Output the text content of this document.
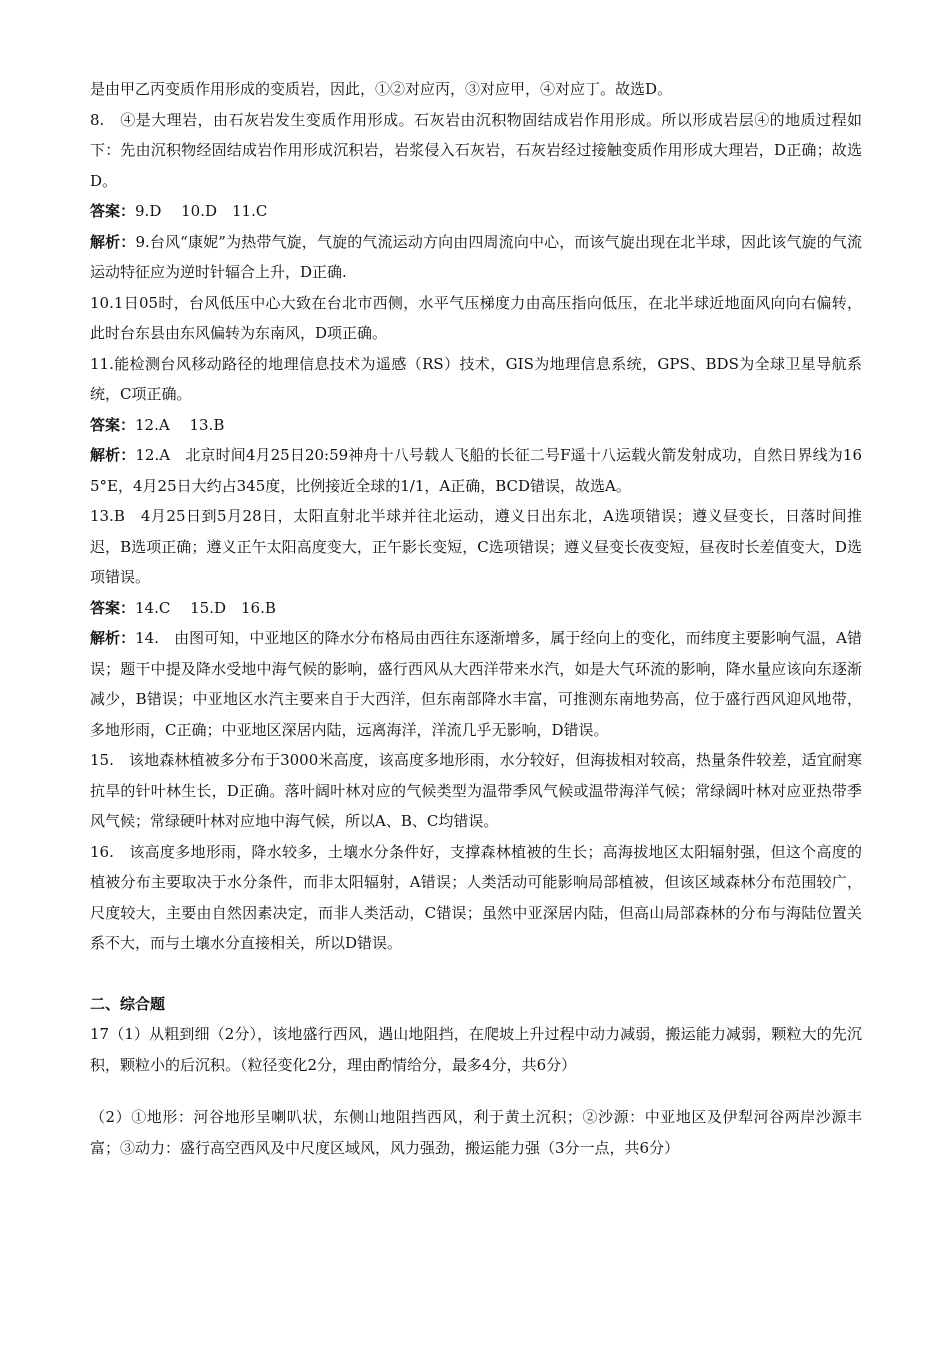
是由甲乙丙变质作用形成的变质岩，因此，①②对应丙，③对应甲，④对应丁。故选D。

8.　④是大理岩，由石灰岩发生变质作用形成。石灰岩由沉积物固结成岩作用形成。所以形成岩层④的地质过程如下：先由沉积物经固结成岩作用形成沉积岩，岩浆侵入石灰岩，石灰岩经过接触变质作用形成大理岩，D正确；故选D。

答案：9.D　 10.D　11.C

解析：9.台风“康妮”为热带气旋，气旋的气流运动方向由四周流向中心，而该气旋出现在北半球，因此该气旋的气流运动特征应为逆时针辐合上升，D正确.

10.1日05时，台风低压中心大致在台北市西侧，水平气压梯度力由高压指向低压，在北半球近地面风向向右偏转，此时台东县由东风偏转为东南风，D项正确。

11.能检测台风移动路径的地理信息技术为遥感（RS）技术，GIS为地理信息系统，GPS、BDS为全球卫星导航系统，C项正确。

答案：12.A　 13.B

解析：12.A　北京时间4月25日20:59神舟十八号载人飞船的长征二号F遥十八运载火箭发射成功，自然日界线为165°E，4月25日大约占345度，比例接近全球的1/1，A正确，BCD错误，故选A。

13.B　4月25日到5月28日，太阳直射北半球并往北运动，遵义日出东北，A选项错误；遵义昼变长，日落时间推迟，B选项正确；遵义正午太阳高度变大，正午影长变短，C选项错误；遵义昼变长夜变短，昼夜时长差值变大，D选项错误。

答案：14.C　 15.D　16.B

解析：14.　由图可知，中亚地区的降水分布格局由西往东逐渐增多，属于经向上的变化，而纬度主要影响气温，A错误；题干中提及降水受地中海气候的影响，盛行西风从大西洋带来水汽，如是大气环流的影响，降水量应该向东逐渐减少，B错误；中亚地区水汽主要来自于大西洋，但东南部降水丰富，可推测东南地势高，位于盛行西风迎风地带，多地形雨，C正确；中亚地区深居内陆，远离海洋，洋流几乎无影响，D错误。

15.　该地森林植被多分布于3000米高度，该高度多地形雨，水分较好，但海拔相对较高，热量条件较差，适宜耐寒抗旱的针叶林生长，D正确。落叶阔叶林对应的气候类型为温带季风气候或温带海洋气候；常绿阔叶林对应亚热带季风气候；常绿硬叶林对应地中海气候，所以A、B、C均错误。

16.　该高度多地形雨，降水较多，土壤水分条件好，支撑森林植被的生长；高海拔地区太阳辐射强，但这个高度的植被分布主要取决于水分条件，而非太阳辐射，A错误；人类活动可能影响局部植被，但该区域森林分布范围较广，尺度较大，主要由自然因素决定，而非人类活动，C错误；虽然中亚深居内陆，但高山局部森林的分布与海陆位置关系不大，而与土壤水分直接相关，所以D错误。

二、综合题

17（1）从粗到细（2分），该地盛行西风，遇山地阻挡，在爬坡上升过程中动力减弱，搬运能力减弱，颗粒大的先沉积，颗粒小的后沉积。（粒径变化2分，理由酌情给分，最多4分，共6分）

（2）①地形：河谷地形呈喇叭状，东侧山地阻挡西风，利于黄土沉积；②沙源：中亚地区及伊犁河谷两岸沙源丰富；③动力：盛行高空西风及中尺度区域风，风力强劲，搬运能力强（3分一点，共6分）
